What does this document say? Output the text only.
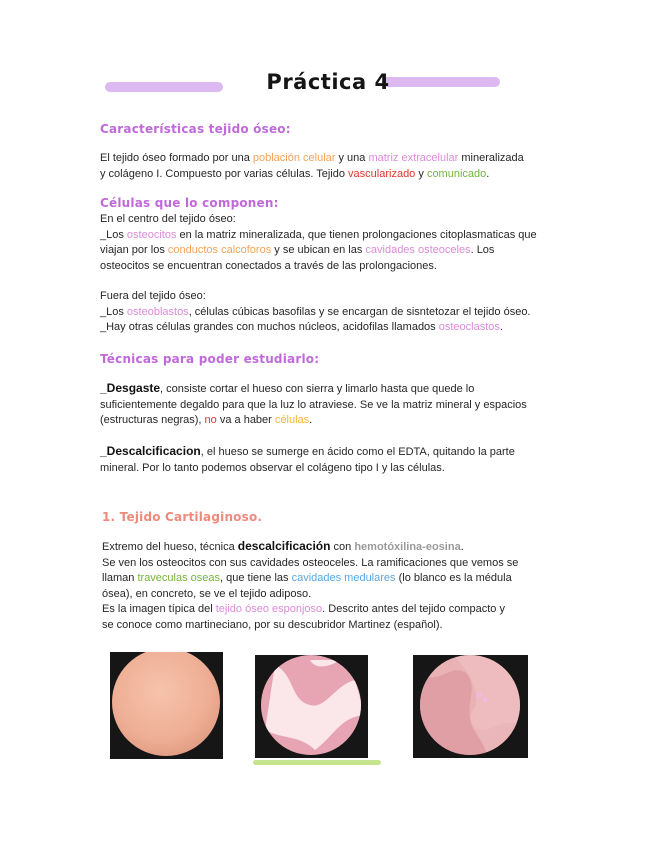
Práctica 4
Características tejido óseo:
El tejido óseo formado por una población celular y una matriz extracelular mineralizada
y colágeno I. Compuesto por varias células. Tejido vascularizado y comunicado.
Células que lo componen:
En el centro del tejido óseo:
_Los osteocitos en la matriz mineralizada, que tienen prolongaciones citoplasmaticas que
viajan por los conductos calcoforos y se ubican en las cavidades osteoceles. Los
osteocitos se encuentran conectados a través de las prolongaciones.
Fuera del tejido óseo:
_Los osteoblastos, células cúbicas basofilas y se encargan de sisntetozar el tejido óseo.
_Hay otras células grandes con muchos núcleos, acidofilas llamados osteoclastos.
Técnicas para poder estudiarlo:
_Desgaste, consiste cortar el hueso con sierra y limarlo hasta que quede lo
suficientemente degaldo para que la luz lo atraviese. Se ve la matriz mineral y espacios
(estructuras negras), no va a haber células.
_Descalcificacion, el hueso se sumerge en ácido como el EDTA, quitando la parte
mineral. Por lo tanto podemos observar el colágeno tipo I y las células.
1. Tejido Cartilaginoso.
Extremo del hueso, técnica descalcificación con hemotóxilina-eosina.
Se ven los osteocitos con sus cavidades osteoceles. La ramificaciones que vemos se
llaman traveculas oseas, que tiene las cavidades medulares (lo blanco es la médula
ósea), en concreto, se ve el tejido adiposo.
Es la imagen típica del tejido óseo esponjoso. Descrito antes del tejido compacto y
se conoce como martineciano, por su descubridor Martinez (español).
